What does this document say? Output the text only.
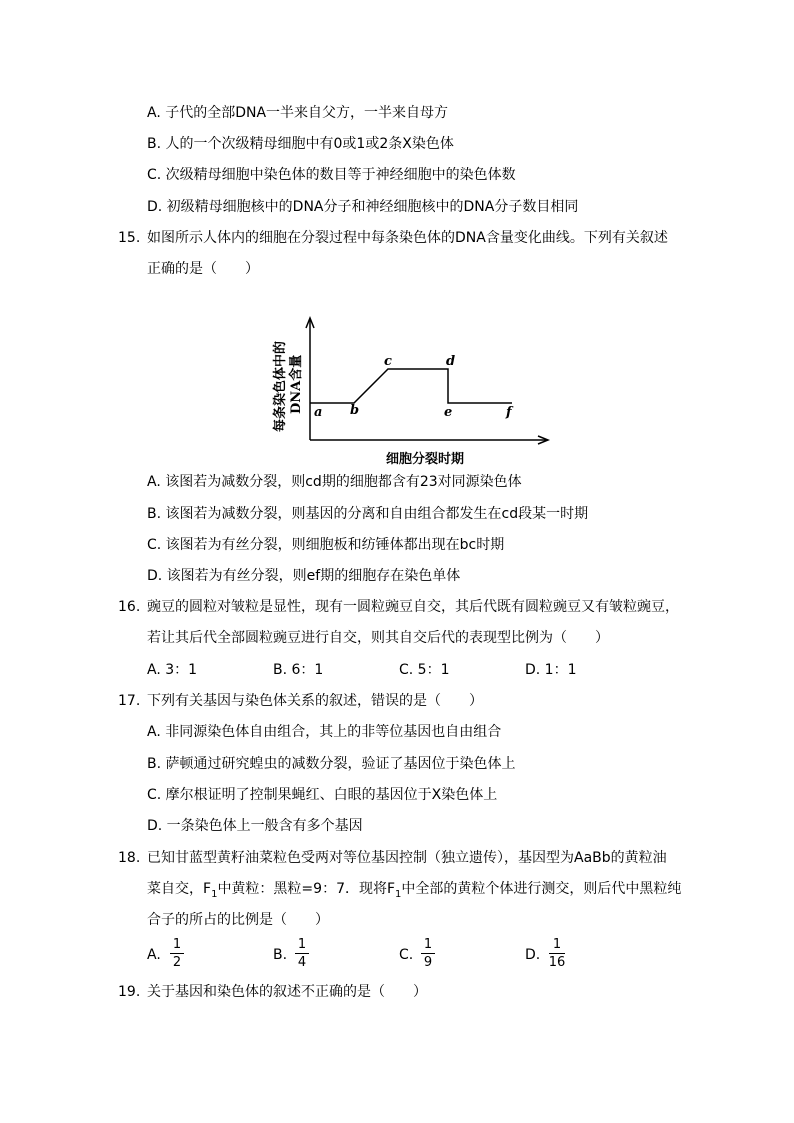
A. 子代的全部DNA一半来自父方，一半来自母方
B. 人的一个次级精母细胞中有0或1或2条X染色体
C. 次级精母细胞中染色体的数目等于神经细胞中的染色体数
D. 初级精母细胞核中的DNA分子和神经细胞核中的DNA分子数目相同
15. 如图所示人体内的细胞在分裂过程中每条染色体的DNA含量变化曲线。下列有关叙述
正确的是（　　）
a b
c	d
e	f
每条染色体中的 DNA含量
细胞分裂时期
A. 该图若为减数分裂，则cd期的细胞都含有23对同源染色体
B. 该图若为减数分裂，则基因的分离和自由组合都发生在cd段某一时期
C. 该图若为有丝分裂，则细胞板和纺锤体都出现在bc时期
D. 该图若为有丝分裂，则ef期的细胞存在染色单体
16. 豌豆的圆粒对皱粒是显性，现有一圆粒豌豆自交，其后代既有圆粒豌豆又有皱粒豌豆，
若让其后代全部圆粒豌豆进行自交，则其自交后代的表现型比例为（　　）
A. 3：1	B. 6：1	C. 5：1	D. 1：1
17. 下列有关基因与染色体关系的叙述，错误的是（　　）
A. 非同源染色体自由组合，其上的非等位基因也自由组合
B. 萨顿通过研究蝗虫的减数分裂，验证了基因位于染色体上
C. 摩尔根证明了控制果蝇红、白眼的基因位于X染色体上
D. 一条染色体上一般含有多个基因
18. 已知甘蓝型黄籽油菜粒色受两对等位基因控制（独立遗传），基因型为AaBb的黄粒油
菜自交，$F_1$中黄粒：黑粒=9：7．现将$F_1$中全部的黄粒个体进行测交，则后代中黑粒纯
合子的所占的比例是（　　）
A.
1
2	B.
1
4	C.
1
9	D.
1
16
19. 关于基因和染色体的叙述不正确的是（　　）
